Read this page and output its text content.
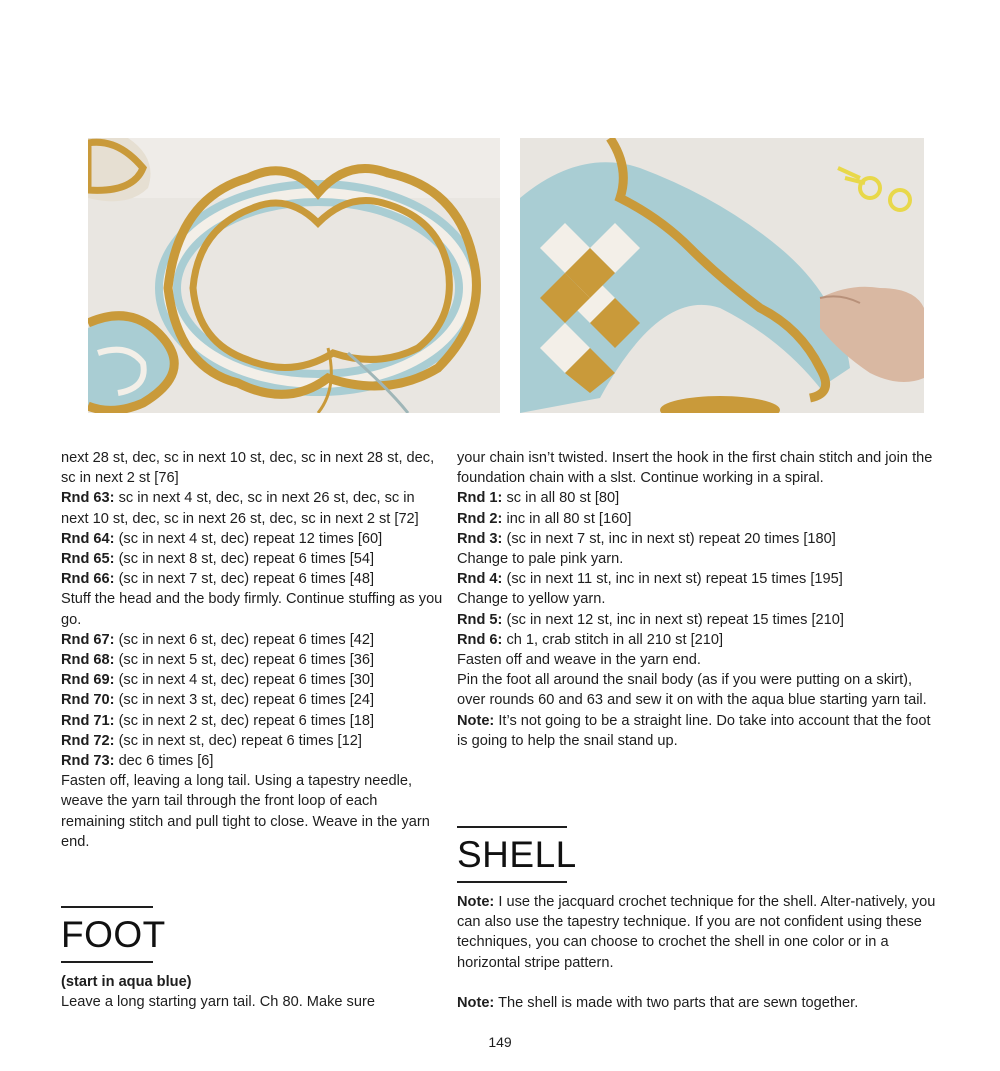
next 28 st, dec, sc in next 10 st, dec, sc in next 28 st, dec, sc in next 2 st [76]

Rnd 63: sc in next 4 st, dec, sc in next 26 st, dec, sc in next 10 st, dec, sc in next 26 st, dec, sc in next 2 st [72]

Rnd 64: (sc in next 4 st, dec) repeat 12 times [60]

Rnd 65: (sc in next 8 st, dec) repeat 6 times [54]

Rnd 66: (sc in next 7 st, dec) repeat 6 times [48]

Stuff the head and the body firmly. Continue stuffing as you go.

Rnd 67: (sc in next 6 st, dec) repeat 6 times [42]

Rnd 68: (sc in next 5 st, dec) repeat 6 times [36]

Rnd 69: (sc in next 4 st, dec) repeat 6 times [30]

Rnd 70: (sc in next 3 st, dec) repeat 6 times [24]

Rnd 71: (sc in next 2 st, dec) repeat 6 times [18]

Rnd 72: (sc in next st, dec) repeat 6 times [12]

Rnd 73: dec 6 times [6]

Fasten off, leaving a long tail. Using a tapestry needle, weave the yarn tail through the front loop of each remaining stitch and pull tight to close. Weave in the yarn end.

FOOT

(start in aqua blue)

Leave a long starting yarn tail. Ch 80. Make sure

your chain isn’t twisted. Insert the hook in the first chain stitch and join the foundation chain with a slst. Continue working in a spiral.

Rnd 1: sc in all 80 st [80]

Rnd 2: inc in all 80 st [160]

Rnd 3: (sc in next 7 st, inc in next st) repeat 20 times [180]

Change to pale pink yarn.

Rnd 4: (sc in next 11 st, inc in next st) repeat 15 times [195]

Change to yellow yarn.

Rnd 5: (sc in next 12 st, inc in next st) repeat 15 times [210]

Rnd 6: ch 1, crab stitch in all 210 st [210]

Fasten off and weave in the yarn end.

Pin the foot all around the snail body (as if you were putting on a skirt), over rounds 60 and 63 and sew it on with the aqua blue starting yarn tail.

Note: It’s not going to be a straight line. Do take into account that the foot is going to help the snail stand up.

SHELL

Note: I use the jacquard crochet technique for the shell. Alter-natively, you can also use the tapestry technique. If you are not confident using these techniques, you can choose to crochet the shell in one color or in a horizontal stripe pattern.

Note: The shell is made with two parts that are sewn together.

149
